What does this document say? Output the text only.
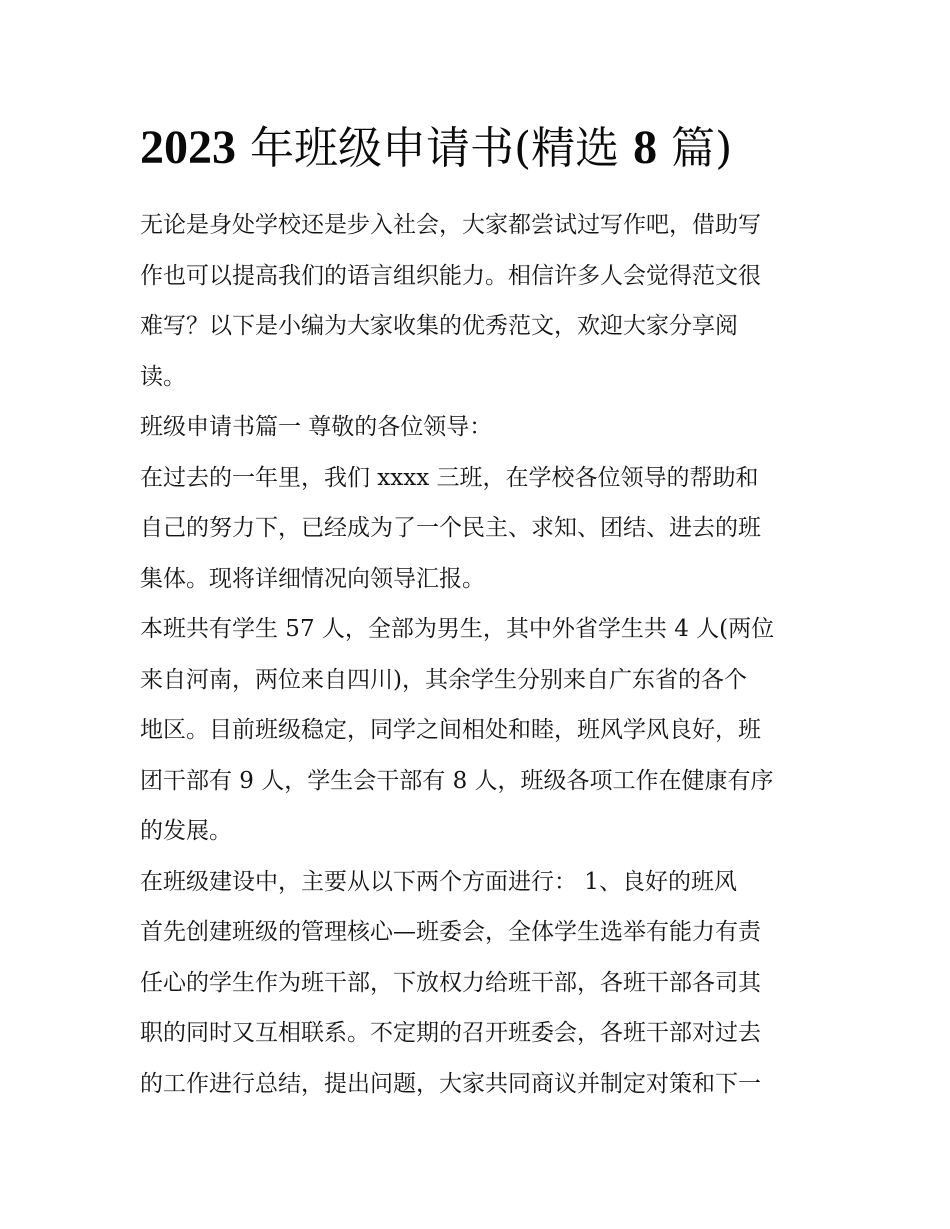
2023 年班级申请书(精选 8 篇)
无论是身处学校还是步入社会，大家都尝试过写作吧，借助写
作也可以提高我们的语言组织能力。相信许多人会觉得范文很
难写？以下是小编为大家收集的优秀范文，欢迎大家分享阅
读。
班级申请书篇一 尊敬的各位领导：
在过去的一年里，我们 xxxx 三班，在学校各位领导的帮助和
自己的努力下，已经成为了一个民主、求知、团结、进去的班
集体。现将详细情况向领导汇报。
本班共有学生 57 人，全部为男生，其中外省学生共 4 人(两位
来自河南，两位来自四川)，其余学生分别来自广东省的各个
地区。目前班级稳定，同学之间相处和睦，班风学风良好，班
团干部有 9 人，学生会干部有 8 人，班级各项工作在健康有序
的发展。
在班级建设中，主要从以下两个方面进行： 1、良好的班风
首先创建班级的管理核心—班委会，全体学生选举有能力有责
任心的学生作为班干部，下放权力给班干部，各班干部各司其
职的同时又互相联系。不定期的召开班委会，各班干部对过去
的工作进行总结，提出问题，大家共同商议并制定对策和下一
